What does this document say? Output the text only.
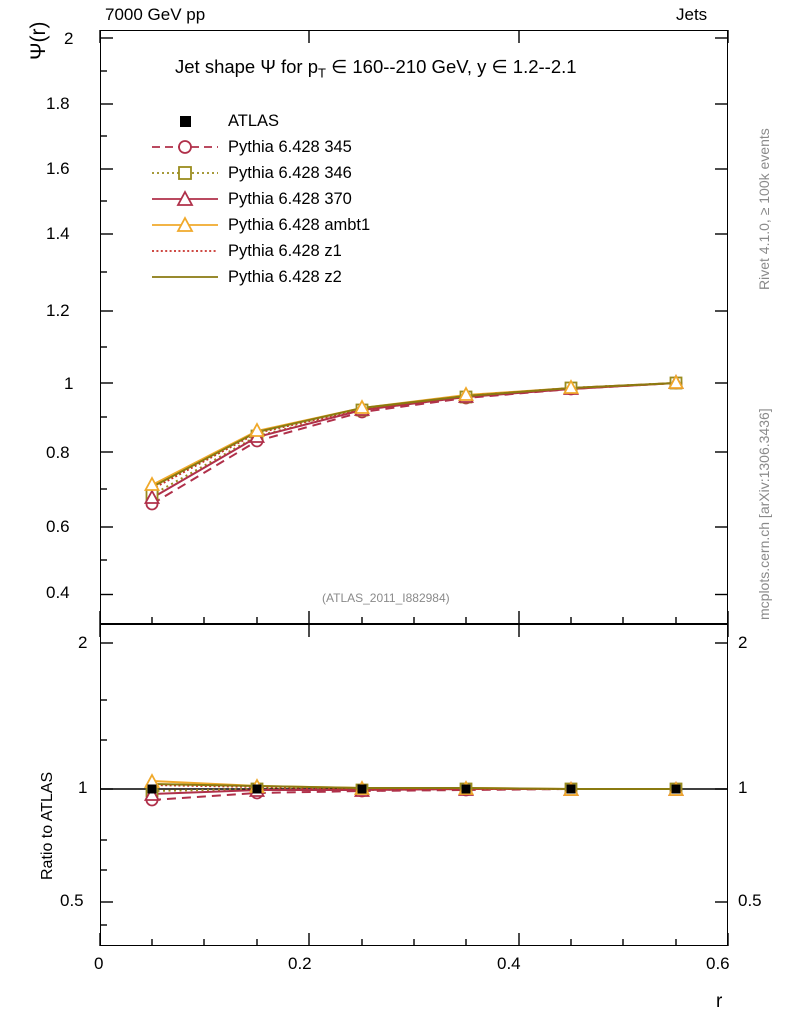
7000 GeV pp	Jets
Rivet 4.1.0, ≥ 100k events
mcplots.cern.ch [arXiv:1306.3436]
Ψ(r)
Ratio to ATLAS
r
Jet shape Ψ for $p_T$ ∈ 160--210 GeV, y ∈ 1.2--2.1
(ATLAS_2011_I882984)
ATLAS
Pythia 6.428 345
Pythia 6.428 346
Pythia 6.428 370
Pythia 6.428 ambt1
Pythia 6.428 z1
Pythia 6.428 z2
2
1.8
1.6
1.4
1.2
1
0.8
0.6
0.4
2
1
0.5
2
1
0.5
0	0.2	0.4	0.6
